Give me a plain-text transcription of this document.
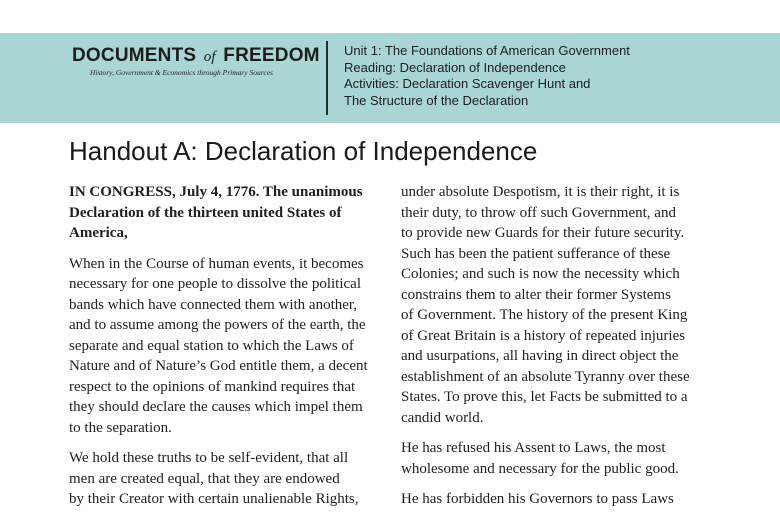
DOCUMENTS of FREEDOM
History, Government & Economics through Primary Sources
Unit 1: The Foundations of American Government
Reading: Declaration of Independence
Activities: Declaration Scavenger Hunt and
The Structure of the Declaration
Handout A: Declaration of Independence

IN CONGRESS, July 4, 1776. The unanimous
Declaration of the thirteen united States of
America,

When in the Course of human events, it becomes
necessary for one people to dissolve the political
bands which have connected them with another,
and to assume among the powers of the earth, the
separate and equal station to which the Laws of
Nature and of Nature’s God entitle them, a decent
respect to the opinions of mankind requires that
they should declare the causes which impel them
to the separation.

We hold these truths to be self-evident, that all
men are created equal, that they are endowed
by their Creator with certain unalienable Rights,

under absolute Despotism, it is their right, it is
their duty, to throw off such Government, and
to provide new Guards for their future security.
Such has been the patient sufferance of these
Colonies; and such is now the necessity which
constrains them to alter their former Systems
of Government. The history of the present King
of Great Britain is a history of repeated injuries
and usurpations, all having in direct object the
establishment of an absolute Tyranny over these
States. To prove this, let Facts be submitted to a
candid world.

He has refused his Assent to Laws, the most
wholesome and necessary for the public good.

He has forbidden his Governors to pass Laws
